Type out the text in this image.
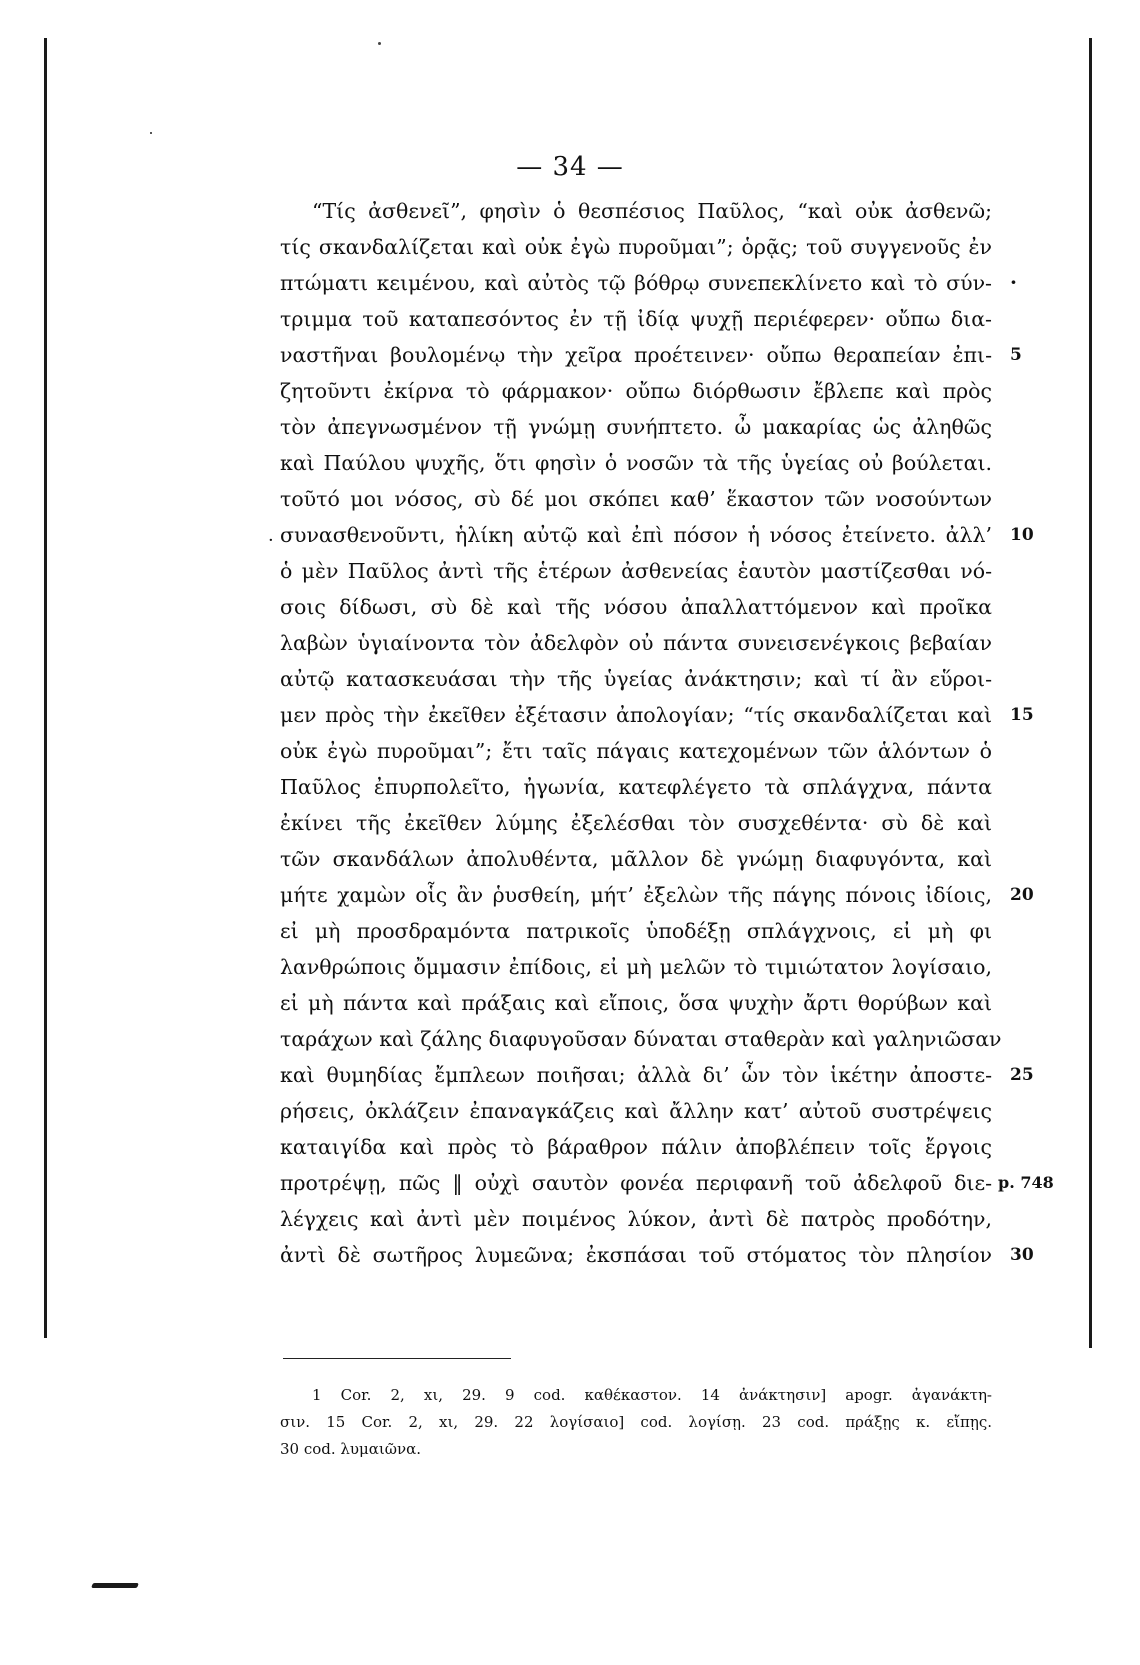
— 34 —
“Τίς ἀσθενεῖ”, φησὶν ὁ θεσπέσιος Παῦλος, “καὶ οὐκ ἀσθενῶ;
τίς σκανδαλίζεται καὶ οὐκ ἐγὼ πυροῦμαι”; ὁρᾷς; τοῦ συγγενοῦς ἐν
πτώματι κειμένου, καὶ αὐτὸς τῷ βόθρῳ συνεπεκλίνετο καὶ τὸ σύν-
τριμμα τοῦ καταπεσόντος ἐν τῇ ἰδίᾳ ψυχῇ περιέφερεν· οὔπω δια-
ναστῆναι βουλομένῳ τὴν χεῖρα προέτεινεν· οὔπω θεραπείαν ἐπι-
ζητοῦντι ἐκίρνα τὸ φάρμακον· οὔπω διόρθωσιν ἔβλεπε καὶ πρὸς
τὸν ἀπεγνωσμένον τῇ γνώμῃ συνήπτετο. ὦ μακαρίας ὡς ἀληθῶς
καὶ Παύλου ψυχῆς, ὅτι φησὶν ὁ νοσῶν τὰ τῆς ὑγείας οὐ βούλεται.
τοῦτό μοι νόσος, σὺ δέ μοι σκόπει καθ’ ἕκαστον τῶν νοσούντων
συνασθενοῦντι, ἡλίκη αὐτῷ καὶ ἐπὶ πόσον ἡ νόσος ἐτείνετο. ἀλλ’
ὁ μὲν Παῦλος ἀντὶ τῆς ἑτέρων ἀσθενείας ἑαυτὸν μαστίζεσθαι νό-
σοις δίδωσι, σὺ δὲ καὶ τῆς νόσου ἀπαλλαττόμενον καὶ προῖκα
λαβὼν ὑγιαίνοντα τὸν ἀδελφὸν οὐ πάντα συνεισενέγκοις βεβαίαν
αὐτῷ κατασκευάσαι τὴν τῆς ὑγείας ἀνάκτησιν; καὶ τί ἂν εὕροι-
μεν πρὸς τὴν ἐκεῖθεν ἐξέτασιν ἀπολογίαν; “τίς σκανδαλίζεται καὶ
οὐκ ἐγὼ πυροῦμαι”; ἔτι ταῖς πάγαις κατεχομένων τῶν ἁλόντων ὁ
Παῦλος ἐπυρπολεῖτο, ἠγωνία, κατεφλέγετο τὰ σπλάγχνα, πάντα
ἐκίνει τῆς ἐκεῖθεν λύμης ἐξελέσθαι τὸν συσχεθέντα· σὺ δὲ καὶ
τῶν σκανδάλων ἀπολυθέντα, μᾶλλον δὲ γνώμῃ διαφυγόντα, καὶ
μήτε χαμὼν οἷς ἂν ῥυσθείη, μήτ’ ἐξελὼν τῆς πάγης πόνοις ἰδίοις,
εἰ μὴ προσδραμόντα πατρικοῖς ὑποδέξῃ σπλάγχνοις, εἰ μὴ φι
λανθρώποις ὄμμασιν ἐπίδοις, εἰ μὴ μελῶν τὸ τιμιώτατον λογίσαιο,
εἰ μὴ πάντα καὶ πράξαις καὶ εἴποις, ὅσα ψυχὴν ἄρτι θορύβων καὶ
ταράχων καὶ ζάλης διαφυγοῦσαν δύναται σταθερὰν καὶ γαληνιῶσαν
καὶ θυμηδίας ἔμπλεων ποιῆσαι; ἀλλὰ δι’ ὧν τὸν ἱκέτην ἀποστε-
ρήσεις, ὀκλάζειν ἐπαναγκάζεις καὶ ἄλλην κατ’ αὐτοῦ συστρέψεις
καταιγίδα καὶ πρὸς τὸ βάραθρον πάλιν ἀποβλέπειν τοῖς ἔργοις
προτρέψῃ, πῶς ‖ οὐχὶ σαυτὸν φονέα περιφανῆ τοῦ ἀδελφοῦ διε-
λέγχεις καὶ ἀντὶ μὲν ποιμένος λύκον, ἀντὶ δὲ πατρὸς προδότην,
ἀντὶ δὲ σωτῆρος λυμεῶνα; ἐκσπάσαι τοῦ στόματος τὸν πλησίον
·
·
5
10
15
20
25
p. 748
30
1 Cor. 2, xι, 29. 9 cod. καθέκαστον. 14 ἀνάκτησιν] apogr. ἀγανάκτη-
σιν. 15 Cor. 2, xι, 29. 22 λογίσαιο] cod. λογίσῃ. 23 cod. πράξῃς κ. εἴπῃς.
30 cod. λυμαιῶνα.
